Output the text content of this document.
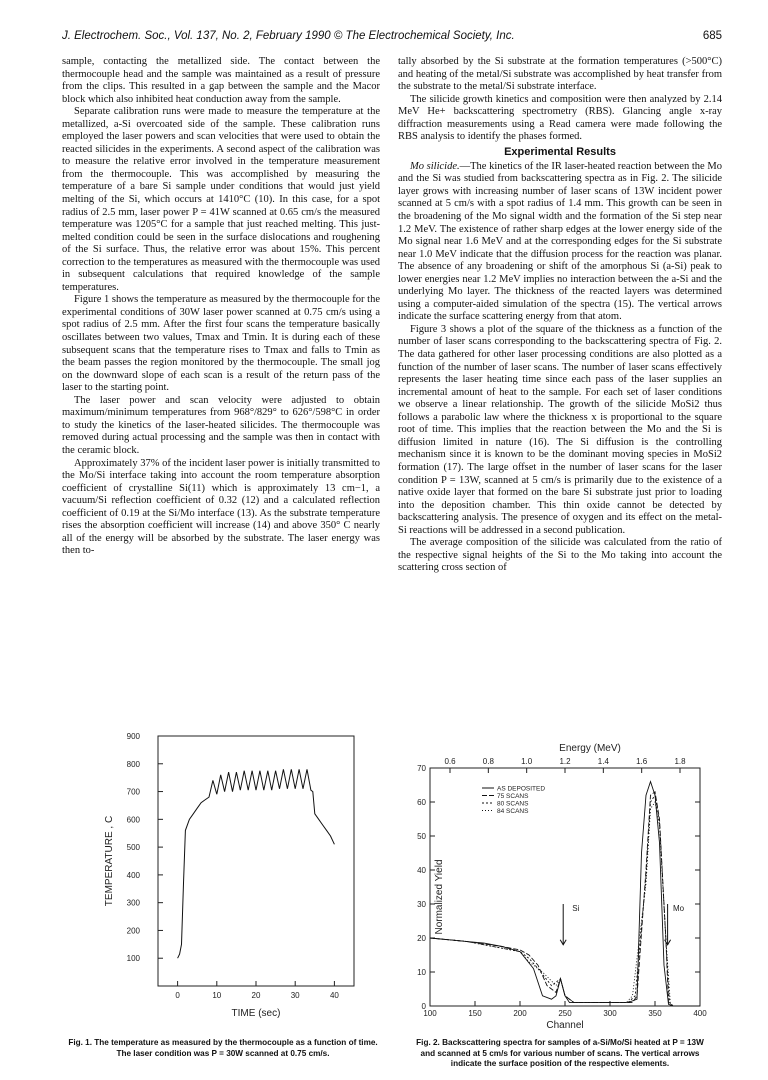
J. Electrochem. Soc., Vol. 137, No. 2, February 1990 © The Electrochemical Society, Inc.	685

sample, contacting the metallized side. The contact between the thermocouple head and the sample was maintained as a result of pressure from the clips. This resulted in a gap between the sample and the Macor block which also inhibited heat conduction away from the sample.

Separate calibration runs were made to measure the temperature at the metallized, a-Si overcoated side of the sample. These calibration runs employed the laser powers and scan velocities that were used to obtain the reacted silicides in the experiments. A second aspect of the calibration was to measure the relative error involved in the temperature measurement from the thermocouple. This was accomplished by measuring the temperature of a bare Si sample under conditions that would just yield melting of the Si, which occurs at 1410°C (10). In this case, for a spot radius of 2.5 mm, laser power P = 41W scanned at 0.65 cm/s the measured temperature was 1205°C for a sample that just reached melting. This just-melted condition could be seen in the surface dislocations and roughening of the Si surface. Thus, the relative error was about 15%. This percent correction to the temperatures as measured with the thermocouple was used in subsequent calculations that required knowledge of the sample temperatures.

Figure 1 shows the temperature as measured by the thermocouple for the experimental conditions of 30W laser power scanned at 0.75 cm/s using a spot radius of 2.5 mm. After the first four scans the temperature basically oscillates between two values, Tmax and Tmin. It is during each of these subsequent scans that the temperature rises to Tmax and falls to Tmin as the beam passes the region monitored by the thermocouple. The small jog on the downward slope of each scan is a result of the return pass of the laser to the starting point.

The laser power and scan velocity were adjusted to obtain maximum/minimum temperatures from 968°/829° to 626°/598°C in order to study the kinetics of the laser-heated silicides. The thermocouple was removed during actual processing and the sample was then in contact with the ceramic block.

Approximately 37% of the incident laser power is initially transmitted to the Mo/Si interface taking into account the room temperature absorption coefficient of crystalline Si(11) which is approximately 13 cm−1, a vacuum/Si reflection coefficient of 0.32 (12) and a calculated reflection coefficient of 0.19 at the Si/Mo interface (13). As the substrate temperature rises the absorption coefficient will increase (14) and above 350° C nearly all of the energy will be absorbed by the substrate. The laser energy was then to-

tally absorbed by the Si substrate at the formation temperatures (>500°C) and heating of the metal/Si substrate was accomplished by heat transfer from the substrate to the metal/Si substrate interface.

The silicide growth kinetics and composition were then analyzed by 2.14 MeV He+ backscattering spectrometry (RBS). Glancing angle x-ray diffraction measurements using a Read camera were made following the RBS analysis to identify the phases formed.

Experimental Results

Mo silicide.—The kinetics of the IR laser-heated reaction between the Mo and the Si was studied from backscattering spectra as in Fig. 2. The silicide layer grows with increasing number of laser scans of 13W incident power scanned at 5 cm/s with a spot radius of 1.4 mm. This growth can be seen in the broadening of the Mo signal width and the formation of the Si step near 1.2 MeV. The existence of rather sharp edges at the lower energy side of the Mo signal near 1.6 MeV and at the corresponding edges for the Si substrate near 1.0 MeV indicate that the diffusion process for the reaction was planar. The absence of any broadening or shift of the amorphous Si (a-Si) peak to lower energies near 1.2 MeV implies no interaction between the a-Si and the underlying Mo layer. The thickness of the reacted layers was determined using a computer-aided simulation of the spectra (15). The vertical arrows indicate the surface scattering energy from that atom.

Figure 3 shows a plot of the square of the thickness as a function of the number of laser scans corresponding to the backscattering spectra of Fig. 2. The data gathered for other laser processing conditions are also plotted as a function of the number of laser scans. The number of laser scans effectively represents the laser heating time since each pass of the laser supplies an incremental amount of heat to the sample. For each set of laser conditions we observe a linear relationship. The growth of the silicide MoSi2 thus follows a parabolic law where the thickness x is proportional to the square root of time. This implies that the reaction between the Mo and the Si is diffusion limited in nature (16). The Si diffusion is the controlling mechanism since it is known to be the dominant moving species in MoSi2 formation (17). The large offset in the number of laser scans for the laser condition P = 13W, scanned at 5 cm/s is primarily due to the existence of a native oxide layer that formed on the bare Si substrate just prior to loading into the deposition chamber. This thin oxide cannot be detected by backscattering analysis. The presence of oxygen and its effect on the metal-Si reactions will be addressed in a second publication.

The average composition of the silicide was calculated from the ratio of the respective signal heights of the Si to the Mo taking into account the scattering cross section of

100
200
300
400
500
600
700
800
900
0	10	20	30	40
TIME (sec)
TEMPERATURE , C
Fig. 1. The temperature as measured by the thermocouple as a function of time. The laser condition was P = 30W scanned at 0.75 cm/s.
0
10
20
30
40
50
60
70
100	150	200	250	300	350	400
0.6	0.8	1.0	1.2	1.4	1.6	1.8
Energy (MeV)
Channel
Normalized Yield
AS DEPOSITED
75 SCANS
80 SCANS
84 SCANS
Si	Mo
Fig. 2. Backscattering spectra for samples of a-Si/Mo/Si heated at P = 13W and scanned at 5 cm/s for various number of scans. The vertical arrows indicate the surface position of the respective elements.
